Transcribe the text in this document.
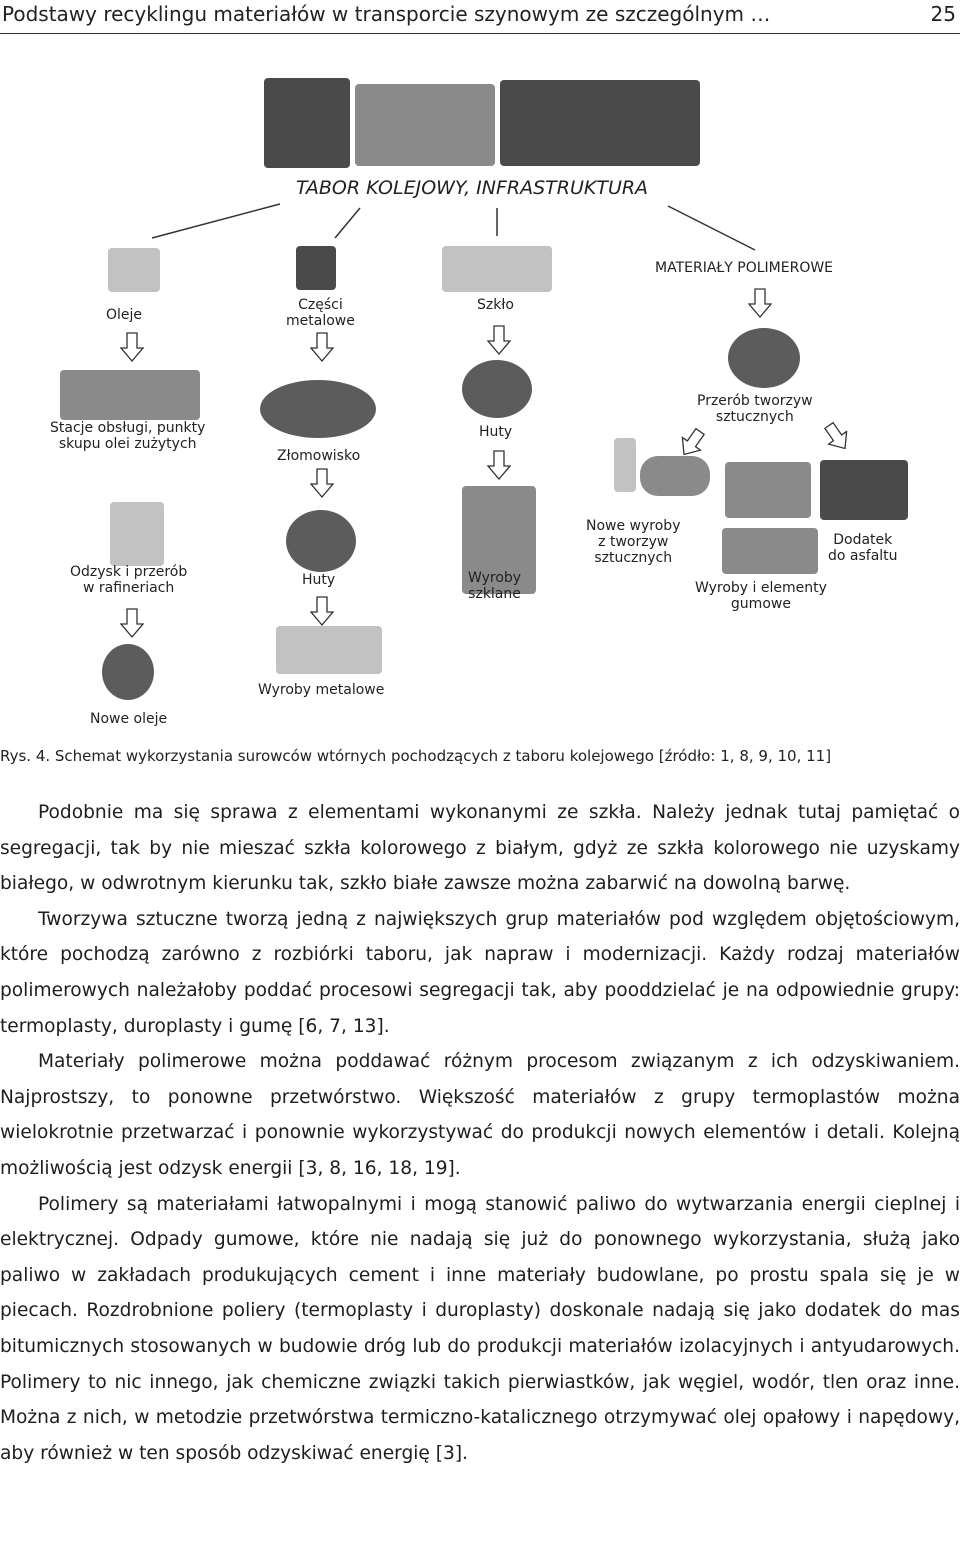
Podstawy recyklingu materiałów w transporcie szynowym ze szczególnym …	25
TABOR KOLEJOWY, INFRASTRUKTURA
Oleje
Części
metalowe
Szkło
MATERIAŁY POLIMEROWE
Stacje obsługi, punkty
skupu olei zużytych
Złomowisko
Huty
Przerób tworzyw
sztucznych
Odzysk i przerób
w rafineriach	Huty	Wyroby
szklane
Nowe wyroby
z tworzyw
sztucznych
Dodatek
do asfaltu
Wyroby i elementy
gumowe
Nowe oleje
Wyroby metalowe
Rys. 4. Schemat wykorzystania surowców wtórnych pochodzących z taboru kolejowego [źródło: 1, 8, 9, 10, 11]

Podobnie ma się sprawa z elementami wykonanymi ze szkła. Należy jednak tutaj pamiętać o segregacji, tak by nie mieszać szkła kolorowego z białym, gdyż ze szkła kolorowego nie uzyskamy białego, w odwrotnym kierunku tak, szkło białe zawsze można zabarwić na dowolną barwę.

Tworzywa sztuczne tworzą jedną z największych grup materiałów pod względem objętościowym, które pochodzą zarówno z rozbiórki taboru, jak napraw i modernizacji. Każdy rodzaj materiałów polimerowych należałoby poddać procesowi segregacji tak, aby pooddzielać je na odpowiednie grupy: termoplasty, duroplasty i gumę [6, 7, 13].

Materiały polimerowe można poddawać różnym procesom związanym z ich odzyskiwaniem. Najprostszy, to ponowne przetwórstwo. Większość materiałów z grupy termoplastów można wielokrotnie przetwarzać i ponownie wykorzystywać do produkcji nowych elementów i detali. Kolejną możliwością jest odzysk energii [3, 8, 16, 18, 19].

Polimery są materiałami łatwopalnymi i mogą stanowić paliwo do wytwarzania energii cieplnej i elektrycznej. Odpady gumowe, które nie nadają się już do ponownego wykorzystania, służą jako paliwo w zakładach produkujących cement i inne materiały budowlane, po prostu spala się je w piecach. Rozdrobnione poliery (termoplasty i duroplasty) doskonale nadają się jako dodatek do mas bitumicznych stosowanych w budowie dróg lub do produkcji materiałów izolacyjnych i antyudarowych. Polimery to nic innego, jak chemiczne związki takich pierwiastków, jak węgiel, wodór, tlen oraz inne. Można z nich, w metodzie przetwórstwa termiczno-katalicznego otrzymywać olej opałowy i napędowy, aby również w ten sposób odzyskiwać energię [3].
